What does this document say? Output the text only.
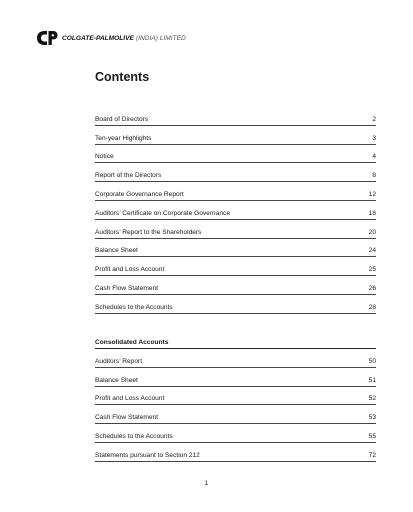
COLGATE-PALMOLIVE (INDIA) LIMITED
Contents
Board of Directors	2
Ten-year Highlights	3
Notice	4
Report of the Directors	8
Corporate Governance Report	12
Auditors’ Certificate on Corporate Governance	18
Auditors’ Report to the Shareholders	20
Balance Sheet	24
Profit and Loss Account	25
Cash Flow Statement	26
Schedules to the Accounts	28
Consolidated Accounts
Auditors’ Report	50
Balance Sheet	51
Profit and Loss Account	52
Cash Flow Statement	53
Schedules to the Accounts	55
Statements pursuant to Section 212	72
1
